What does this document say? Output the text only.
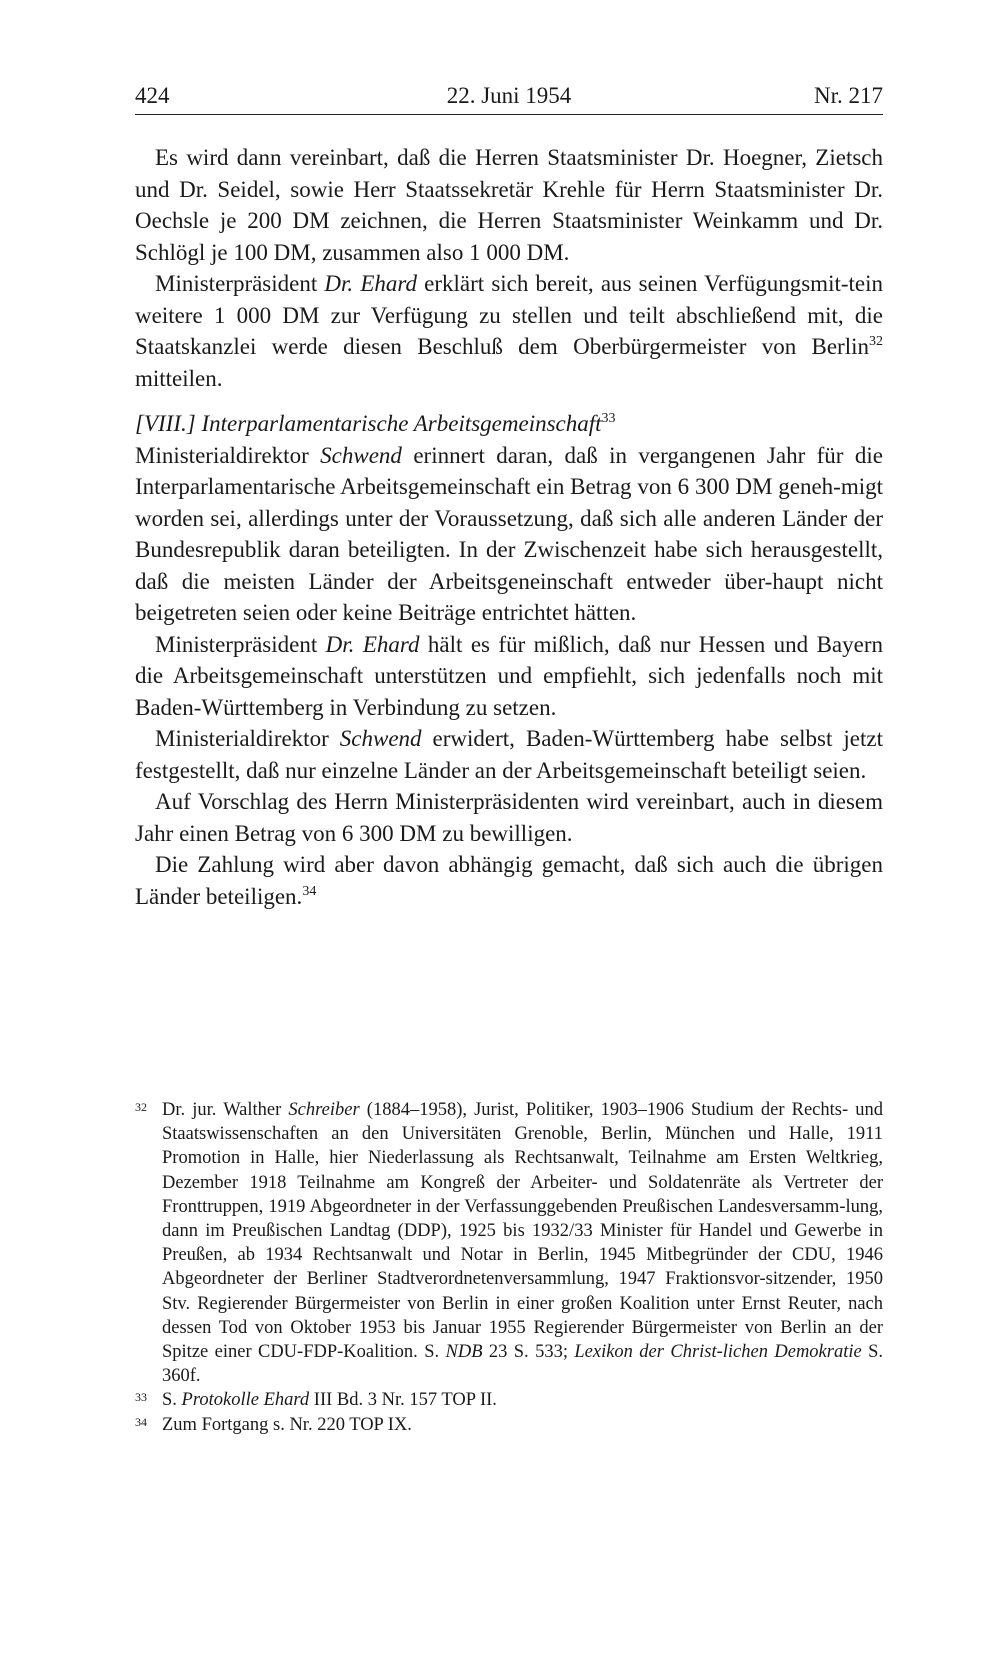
424	22. Juni 1954	Nr. 217

Es wird dann vereinbart, daß die Herren Staatsminister Dr. Hoegner, Zietsch und Dr. Seidel, sowie Herr Staatssekretär Krehle für Herrn Staatsminister Dr. Oechsle je 200 DM zeichnen, die Herren Staatsminister Weinkamm und Dr. Schlögl je 100 DM, zusammen also 1 000 DM.

Ministerpräsident Dr. Ehard erklärt sich bereit, aus seinen Verfügungsmit-tein weitere 1 000 DM zur Verfügung zu stellen und teilt abschließend mit, die Staatskanzlei werde diesen Beschluß dem Oberbürgermeister von Berlin$^{32}$ mitteilen.

[VIII.] Interparlamentarische Arbeitsgemeinschaft$^{33}$

Ministerialdirektor Schwend erinnert daran, daß in vergangenen Jahr für die Interparlamentarische Arbeitsgemeinschaft ein Betrag von 6 300 DM geneh-migt worden sei, allerdings unter der Voraussetzung, daß sich alle anderen Länder der Bundesrepublik daran beteiligten. In der Zwischenzeit habe sich herausgestellt, daß die meisten Länder der Arbeitsgeneinschaft entweder über-haupt nicht beigetreten seien oder keine Beiträge entrichtet hätten.

Ministerpräsident Dr. Ehard hält es für mißlich, daß nur Hessen und Bayern die Arbeitsgemeinschaft unterstützen und empfiehlt, sich jedenfalls noch mit Baden-Württemberg in Verbindung zu setzen.

Ministerialdirektor Schwend erwidert, Baden-Württemberg habe selbst jetzt festgestellt, daß nur einzelne Länder an der Arbeitsgemeinschaft beteiligt seien.

Auf Vorschlag des Herrn Ministerpräsidenten wird vereinbart, auch in diesem Jahr einen Betrag von 6 300 DM zu bewilligen.

Die Zahlung wird aber davon abhängig gemacht, daß sich auch die übrigen Länder beteiligen.$^{34}$

32 Dr. jur. Walther Schreiber (1884–1958), Jurist, Politiker, 1903–1906 Studium der Rechts- und Staatswissenschaften an den Universitäten Grenoble, Berlin, München und Halle, 1911 Promotion in Halle, hier Niederlassung als Rechtsanwalt, Teilnahme am Ersten Weltkrieg, Dezember 1918 Teilnahme am Kongreß der Arbeiter- und Soldatenräte als Vertreter der Fronttruppen, 1919 Abgeordneter in der Verfassunggebenden Preußischen Landesversamm-lung, dann im Preußischen Landtag (DDP), 1925 bis 1932/33 Minister für Handel und Gewerbe in Preußen, ab 1934 Rechtsanwalt und Notar in Berlin, 1945 Mitbegründer der CDU, 1946 Abgeordneter der Berliner Stadtverordnetenversammlung, 1947 Fraktionsvor-sitzender, 1950 Stv. Regierender Bürgermeister von Berlin in einer großen Koalition unter Ernst Reuter, nach dessen Tod von Oktober 1953 bis Januar 1955 Regierender Bürgermeister von Berlin an der Spitze einer CDU-FDP-Koalition. S. NDB 23 S. 533; Lexikon der Christ-lichen Demokratie S. 360f.

33 S. Protokolle Ehard III Bd. 3 Nr. 157 TOP II.

34 Zum Fortgang s. Nr. 220 TOP IX.
